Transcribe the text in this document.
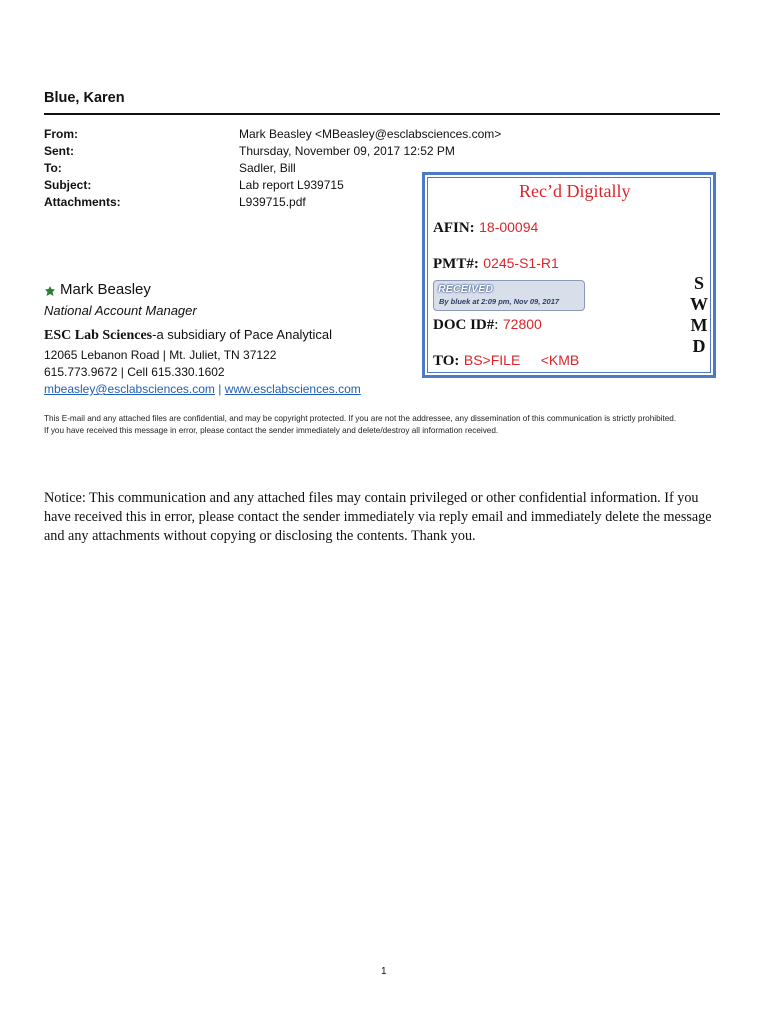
Blue, Karen
From:	Mark Beasley <MBeasley@esclabsciences.com>
Sent:	Thursday, November 09, 2017 12:52 PM
To:	Sadler, Bill
Subject:	Lab report L939715
Attachments:	L939715.pdf
Mark Beasley
National Account Manager
ESC Lab Sciences-a subsidiary of Pace Analytical
12065 Lebanon Road | Mt. Juliet, TN 37122
615.773.9672 | Cell 615.330.1602
mbeasley@esclabsciences.com | www.esclabsciences.com
This E-mail and any attached files are confidential, and may be copyright protected. If you are not the addressee, any dissemination of this communication is strictly prohibited.
If you have received this message in error, please contact the sender immediately and delete/destroy all information received.
Rec’d Digitally
AFIN: 18-00094
PMT#: 0245-S1-R1
RECEIVED
By bluek at 2:09 pm, Nov 09, 2017
DOC ID#: 72800
TO: BS>FILE <KMB
S
W
M
D
Notice: This communication and any attached files may contain privileged or other confidential information. If you have received this in error, please contact the sender immediately via reply email and immediately delete the message and any attachments without copying or disclosing the contents. Thank you.
1
